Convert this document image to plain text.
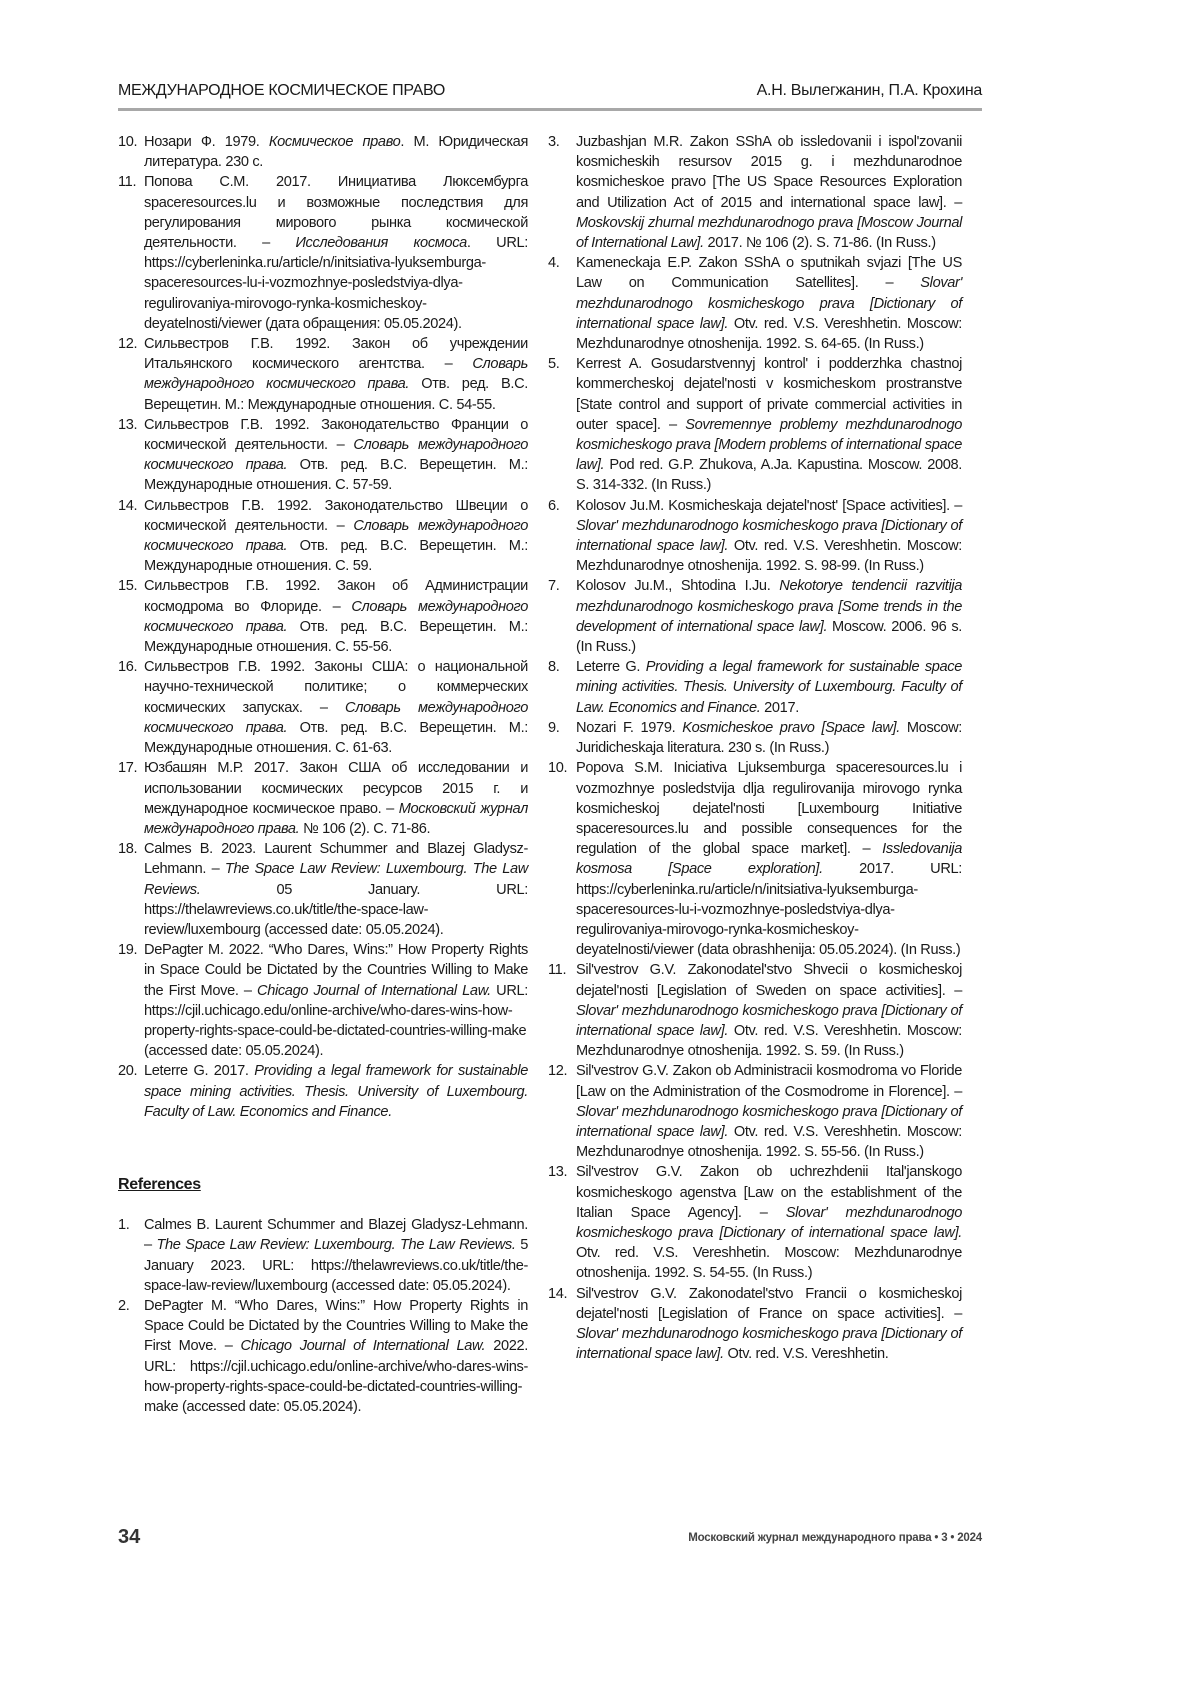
МЕЖДУНАРОДНОЕ КОСМИЧЕСКОЕ ПРАВО	А.Н. Вылегжанин, П.А. Крохина
10. Нозари Ф. 1979. Космическое право. М. Юридическая литература. 230 с.
11. Попова С.М. 2017. Инициатива Люксембурга spaceresources.lu и возможные последствия для регулирования мирового рынка космической деятельности. – Исследования космоса. URL: https://cyberleninka.ru/article/n/initsiativa-lyuksemburga-spaceresources-lu-i-vozmozhnye-posledstviya-dlya-regulirovaniya-mirovogo-rynka-kosmicheskoy-deyatelnosti/viewer (дата обращения: 05.05.2024).
12. Сильвестров Г.В. 1992. Закон об учреждении Итальянского космического агентства. – Словарь международного космического права. Отв. ред. В.С. Верещетин. М.: Международные отношения. С. 54-55.
13. Сильвестров Г.В. 1992. Законодательство Франции о космической деятельности. – Словарь международного космического права. Отв. ред. В.С. Верещетин. М.: Международные отношения. С. 57-59.
14. Сильвестров Г.В. 1992. Законодательство Швеции о космической деятельности. – Словарь международного космического права. Отв. ред. В.С. Верещетин. М.: Международные отношения. С. 59.
15. Сильвестров Г.В. 1992. Закон об Администрации космодрома во Флориде. – Словарь международного космического права. Отв. ред. В.С. Верещетин. М.: Международные отношения. С. 55-56.
16. Сильвестров Г.В. 1992. Законы США: о национальной научно-технической политике; о коммерческих космических запусках. – Словарь международного космического права. Отв. ред. В.С. Верещетин. М.: Международные отношения. С. 61-63.
17. Юзбашян М.Р. 2017. Закон США об исследовании и использовании космических ресурсов 2015 г. и международное космическое право. – Московский журнал международного права. № 106 (2). С. 71-86.
18. Calmes B. 2023. Laurent Schummer and Blazej Gladysz-Lehmann. – The Space Law Review: Luxembourg. The Law Reviews. 05 January. URL: https://thelawreviews.co.uk/title/the-space-law-review/luxembourg (accessed date: 05.05.2024).
19. DePagter M. 2022. “Who Dares, Wins:” How Property Rights in Space Could be Dictated by the Countries Willing to Make the First Move. – Chicago Journal of International Law. URL: https://cjil.uchicago.edu/online-archive/who-dares-wins-how-property-rights-space-could-be-dictated-countries-willing-make (accessed date: 05.05.2024).
20. Leterre G. 2017. Providing a legal framework for sustainable space mining activities. Thesis. University of Luxembourg. Faculty of Law. Economics and Finance.
References
1. Calmes B. Laurent Schummer and Blazej Gladysz-Lehmann. – The Space Law Review: Luxembourg. The Law Reviews. 5 January 2023. URL: https://thelawreviews.co.uk/title/the-space-law-review/luxembourg (accessed date: 05.05.2024).
2. DePagter M. “Who Dares, Wins:” How Property Rights in Space Could be Dictated by the Countries Willing to Make the First Move. – Chicago Journal of International Law. 2022. URL: https://cjil.uchicago.edu/online-archive/who-dares-wins-how-property-rights-space-could-be-dictated-countries-willing-make (accessed date: 05.05.2024).
3. Juzbashjan M.R. Zakon SShA ob issledovanii i ispol'zovanii kosmicheskih resursov 2015 g. i mezhdunarodnoe kosmicheskoe pravo [The US Space Resources Exploration and Utilization Act of 2015 and international space law]. – Moskovskij zhurnal mezhdunarodnogo prava [Moscow Journal of International Law]. 2017. № 106 (2). S. 71-86. (In Russ.)
4. Kameneckaja E.P. Zakon SShA o sputnikah svjazi [The US Law on Communication Satellites]. – Slovar' mezhdunarodnogo kosmicheskogo prava [Dictionary of international space law]. Otv. red. V.S. Vereshhetin. Moscow: Mezhdunarodnye otnoshenija. 1992. S. 64-65. (In Russ.)
5. Kerrest A. Gosudarstvennyj kontrol' i podderzhka chastnoj kommercheskoj dejatel'nosti v kosmicheskom prostranstve [State control and support of private commercial activities in outer space]. – Sovremennye problemy mezhdunarodnogo kosmicheskogo prava [Modern problems of international space law]. Pod red. G.P. Zhukova, A.Ja. Kapustina. Moscow. 2008. S. 314-332. (In Russ.)
6. Kolosov Ju.M. Kosmicheskaja dejatel'nost' [Space activities]. – Slovar' mezhdunarodnogo kosmicheskogo prava [Dictionary of international space law]. Otv. red. V.S. Vereshhetin. Moscow: Mezhdunarodnye otnoshenija. 1992. S. 98-99. (In Russ.)
7. Kolosov Ju.M., Shtodina I.Ju. Nekotorye tendencii razvitija mezhdunarodnogo kosmicheskogo prava [Some trends in the development of international space law]. Moscow. 2006. 96 s. (In Russ.)
8. Leterre G. Providing a legal framework for sustainable space mining activities. Thesis. University of Luxembourg. Faculty of Law. Economics and Finance. 2017.
9. Nozari F. 1979. Kosmicheskoe pravo [Space law]. Moscow: Juridicheskaja literatura. 230 s. (In Russ.)
10. Popova S.M. Iniciativa Ljuksemburga spaceresources.lu i vozmozhnye posledstvija dlja regulirovanija mirovogo rynka kosmicheskoj dejatel'nosti [Luxembourg Initiative spaceresources.lu and possible consequences for the regulation of the global space market]. – Issledovanija kosmosa [Space exploration]. 2017. URL: https://cyberleninka.ru/article/n/initsiativa-lyuksemburga-spaceresources-lu-i-vozmozhnye-posledstviya-dlya-regulirovaniya-mirovogo-rynka-kosmicheskoy-deyatelnosti/viewer (data obrashhenija: 05.05.2024). (In Russ.)
11. Sil'vestrov G.V. Zakonodatel'stvo Shvecii o kosmicheskoj dejatel'nosti [Legislation of Sweden on space activities]. – Slovar' mezhdunarodnogo kosmicheskogo prava [Dictionary of international space law]. Otv. red. V.S. Vereshhetin. Moscow: Mezhdunarodnye otnoshenija. 1992. S. 59. (In Russ.)
12. Sil'vestrov G.V. Zakon ob Administracii kosmodroma vo Floride [Law on the Administration of the Cosmodrome in Florence]. – Slovar' mezhdunarodnogo kosmicheskogo prava [Dictionary of international space law]. Otv. red. V.S. Vereshhetin. Moscow: Mezhdunarodnye otnoshenija. 1992. S. 55-56. (In Russ.)
13. Sil'vestrov G.V. Zakon ob uchrezhdenii Ital'janskogo kosmicheskogo agenstva [Law on the establishment of the Italian Space Agency]. – Slovar' mezhdunarodnogo kosmicheskogo prava [Dictionary of international space law]. Otv. red. V.S. Vereshhetin. Moscow: Mezhdunarodnye otnoshenija. 1992. S. 54-55. (In Russ.)
14. Sil'vestrov G.V. Zakonodatel'stvo Francii o kosmicheskoj dejatel'nosti [Legislation of France on space activities]. – Slovar' mezhdunarodnogo kosmicheskogo prava [Dictionary of international space law]. Otv. red. V.S. Vereshhetin.
34	Московский журнал международного права • 3 • 2024
